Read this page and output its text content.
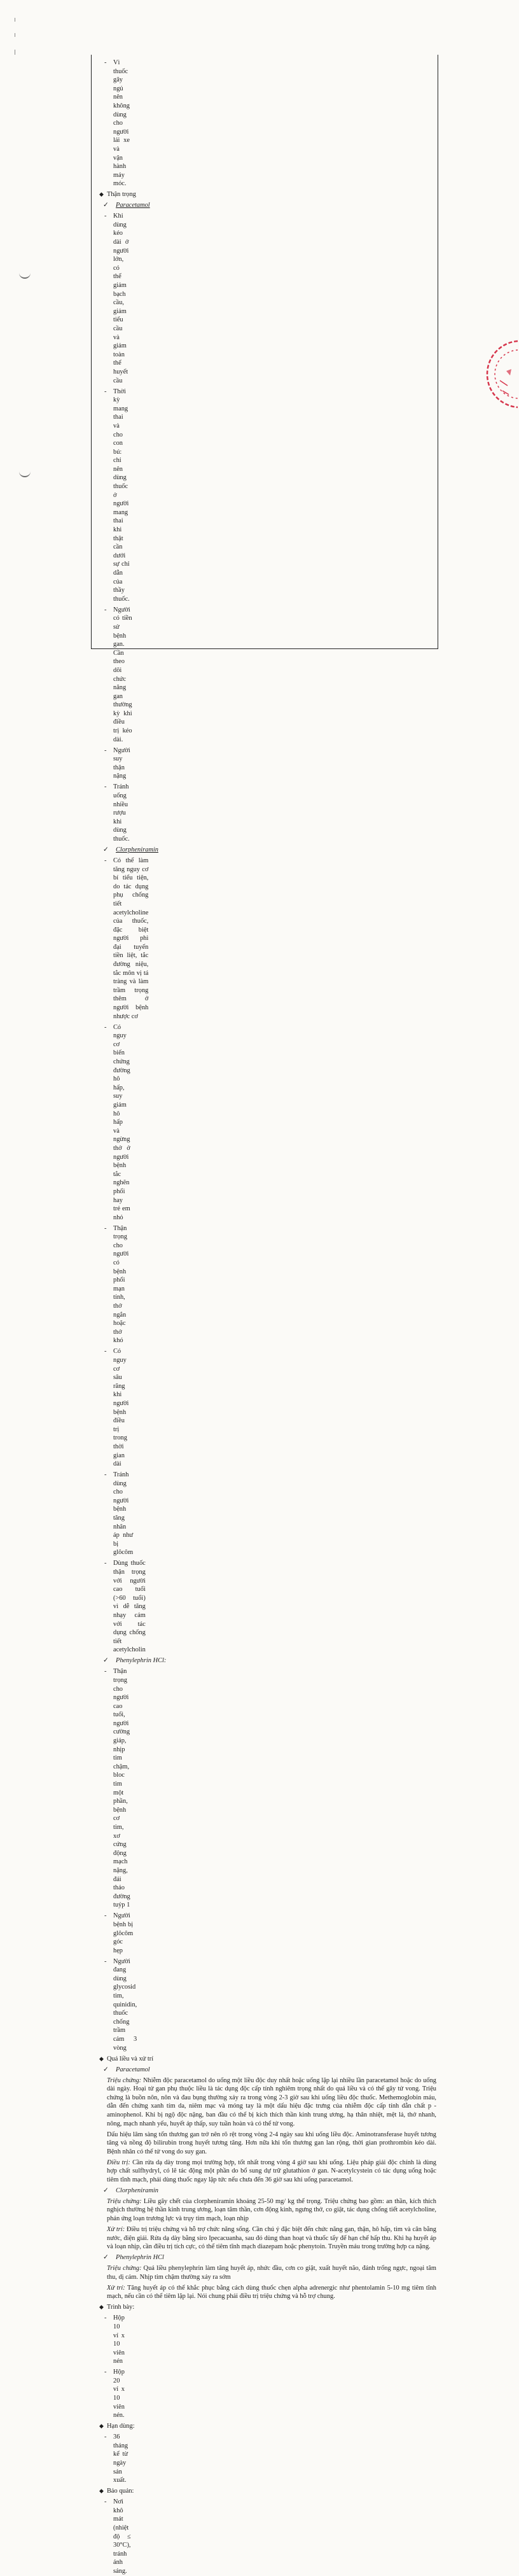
-	Vì thuốc gây ngủ nên không dùng cho người lái xe và vận hành máy móc.
◆ Thận trọng
✓	Paracetamol
-	Khi dùng kéo dài ở người lớn, có thể giảm bạch cầu, giảm tiểu cầu và giảm toàn thể huyết cầu
-	Thời kỳ mang thai và cho con bú: chỉ nên dùng thuốc ở người mang thai khi thật cần dưới sự chỉ dẫn của thầy thuốc.
-	Người có tiền sử bệnh gan. Cần theo dõi chức năng gan thường kỳ khi điều trị kéo dài.
-	Người suy thận nặng
-	Tránh uống nhiều rượu khi dùng thuốc.
✓	Clorpheniramin
-	Có thể làm tăng nguy cơ bí tiểu tiện, do tác dụng phụ chống tiết acetylcholine của thuốc, đặc biệt người phì đại tuyến tiền liệt, tắc đường niệu, tắc môn vị tá tràng và làm trầm trọng thêm ở người bệnh nhược cơ
-	Có nguy cơ biến chứng đường hô hấp, suy giảm hô hấp và ngừng thở ở người bệnh tắc nghẽn phổi hay trẻ em nhỏ
-	Thận trọng cho người có bệnh phổi mạn tính, thở ngắn hoặc thở khó
-	Có nguy cơ sâu răng khi người bệnh điều trị trong thời gian dài
-	Tránh dùng cho người bệnh tăng nhãn áp như bị glôcôm
-	Dùng thuốc thận trọng với người cao tuổi (>60 tuổi) vì dễ tăng nhạy cảm với tác dụng chống tiết acetylcholin
✓	Phenylephrin HCl:
-	Thận trọng cho người cao tuổi, người cường giáp, nhịp tim chậm, bloc tim một phần, bệnh cơ tim, xơ cứng động mạch nặng, đái tháo đường tuýp 1
-	Người bệnh bị glôcôm góc hẹp
-	Người đang dùng glycosid tim, quinidin, thuốc chống trầm cảm 3 vòng
◆ Quá liều và xử trí
✓	Paracetamol
Triệu chứng: Nhiễm độc paracetamol do uống một liều độc duy nhất hoặc uống lặp lại nhiều lần paracetamol hoặc do uống dài ngày. Hoại tử gan phụ thuộc liều là tác dụng độc cấp tính nghiêm trọng nhất do quá liều và có thể gây tử vong. Triệu chứng là buồn nôn, nôn và đau bụng thường xảy ra trong vòng 2-3 giờ sau khi uống liều độc thuốc. Methemoglobin máu, dẫn đến chứng xanh tím da, niêm mạc và móng tay là một dấu hiệu đặc trưng của nhiễm độc cấp tính dẫn chất p - aminophenol. Khi bị ngộ độc nặng, ban đầu có thể bị kích thích thần kinh trung ương, hạ thân nhiệt, mệt lả, thở nhanh, nông, mạch nhanh yếu, huyết áp thấp, suy tuần hoàn và có thể tử vong.
Dấu hiệu lâm sàng tổn thương gan trở nên rõ rệt trong vòng 2-4 ngày sau khi uống liều độc. Aminotransferase huyết tương tăng và nồng độ bilirubin trong huyết tương tăng. Hơn nữa khi tổn thương gan lan rộng, thời gian prothrombin kéo dài. Bệnh nhân có thể tử vong do suy gan.
Điều trị: Cần rửa dạ dày trong mọi trường hợp, tốt nhất trong vòng 4 giờ sau khi uống. Liệu pháp giải độc chính là dùng hợp chất sulfhydryl, có lẽ tác động một phần do bổ sung dự trữ glutathion ở gan. N-acetylcystein có tác dụng uống hoặc tiêm tĩnh mạch, phải dùng thuốc ngay lập tức nếu chưa đến 36 giờ sau khi uống paracetamol.
✓	Clorpheniramin
Triệu chứng: Liều gây chết của clorpheniramin khoảng 25-50 mg/ kg thể trọng. Triệu chứng bao gồm: an thần, kích thích nghịch thường hệ thần kinh trung ương, loạn tâm thần, cơn động kinh, ngưng thở, co giật, tác dụng chống tiết acetylcholine, phản ứng loạn trương lực và trụy tim mạch, loạn nhịp
Xử trí: Điều trị triệu chứng và hỗ trợ chức năng sống. Cần chú ý đặc biệt đến chức năng gan, thận, hô hấp, tim và cân bằng nước, điện giải. Rửa dạ dày bằng siro Ipecacuanha, sau đó dùng than hoạt và thuốc tẩy để hạn chế hấp thu. Khi hạ huyết áp và loạn nhịp, cần điều trị tích cực, có thể tiêm tĩnh mạch diazepam hoặc phenytoin. Truyền máu trong trường hợp ca nặng.
✓	Phenylephrin HCl
Triệu chứng: Quá liều phenylephrin làm tăng huyết áp, nhức đầu, cơn co giật, xuất huyết não, đánh trống ngực, ngoại tâm thu, dị cảm. Nhịp tim chậm thường xảy ra sớm
Xử trí: Tăng huyết áp có thể khắc phục bằng cách dùng thuốc chẹn alpha adrenergic như phentolamin 5-10 mg tiêm tĩnh mạch, nếu cần có thể tiêm lặp lại. Nói chung phải điều trị triệu chứng và hỗ trợ chung.
◆ Trình bày:
-	Hộp 10 vỉ x 10 viên nén
-	Hộp 20 vỉ x 10 viên nén.
◆ Hạn dùng:
-	36 tháng kể từ ngày sản xuất.
◆ Bảo quản:
-	Nơi khô mát (nhiệt độ ≤ 30°C), tránh ánh sáng.
